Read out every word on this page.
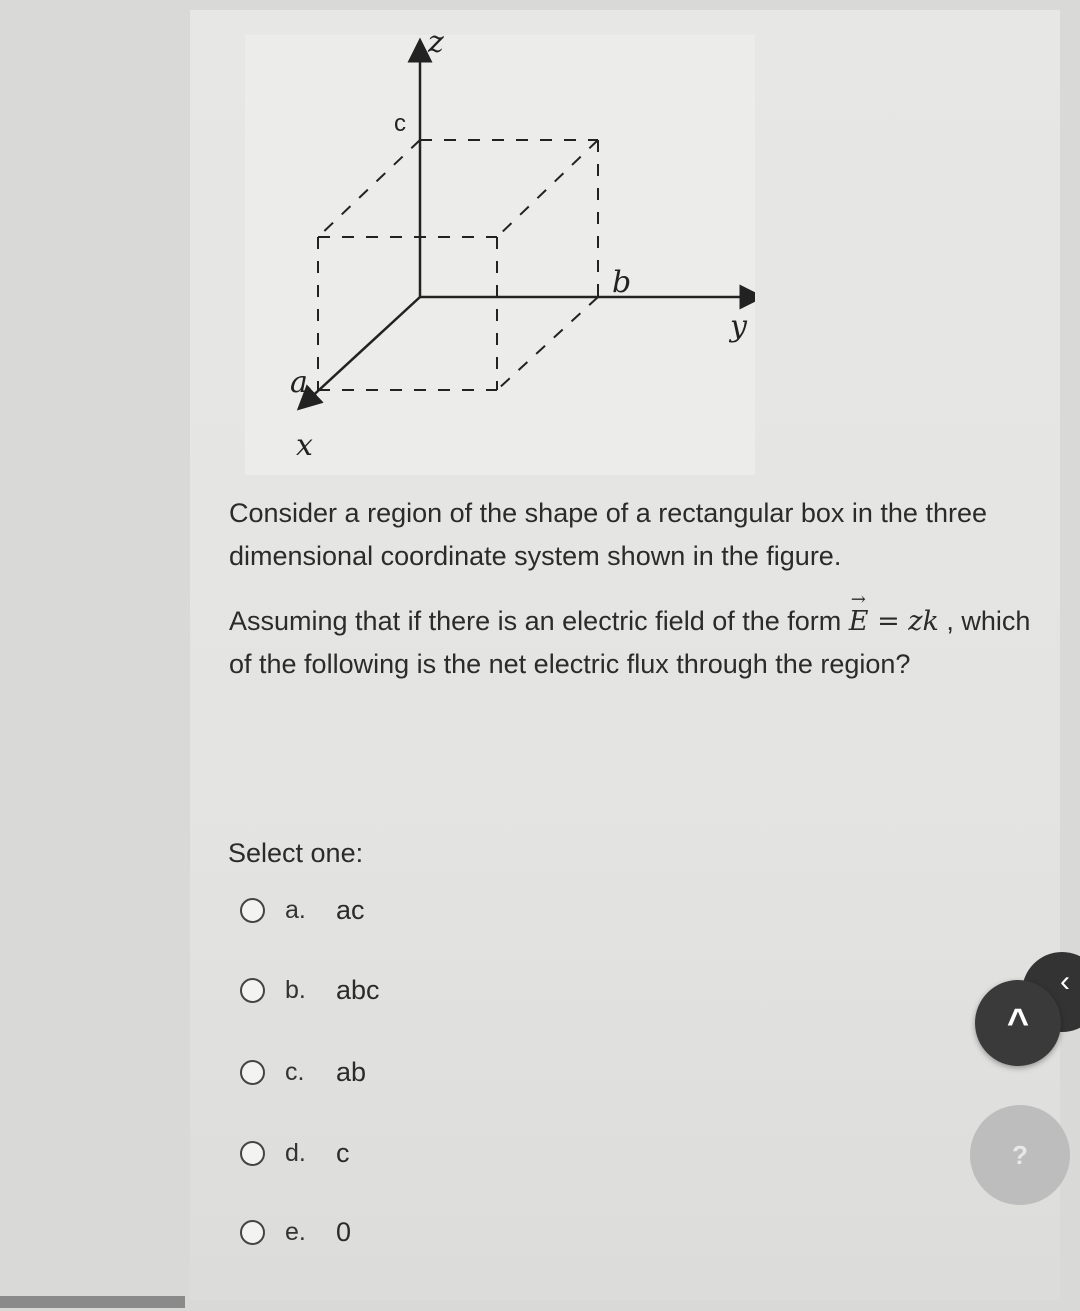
z
y
x
a
b
c
Consider a region of the shape of a rectangular box in the three dimensional coordinate system shown in the figure.
Assuming that if there is an electric field of the form E
→
= zk , which of the following is the net electric flux through the region?
Select one:
a.	ac
b.	abc
c.	ab
d.	c
e.	0
‹
^
?
